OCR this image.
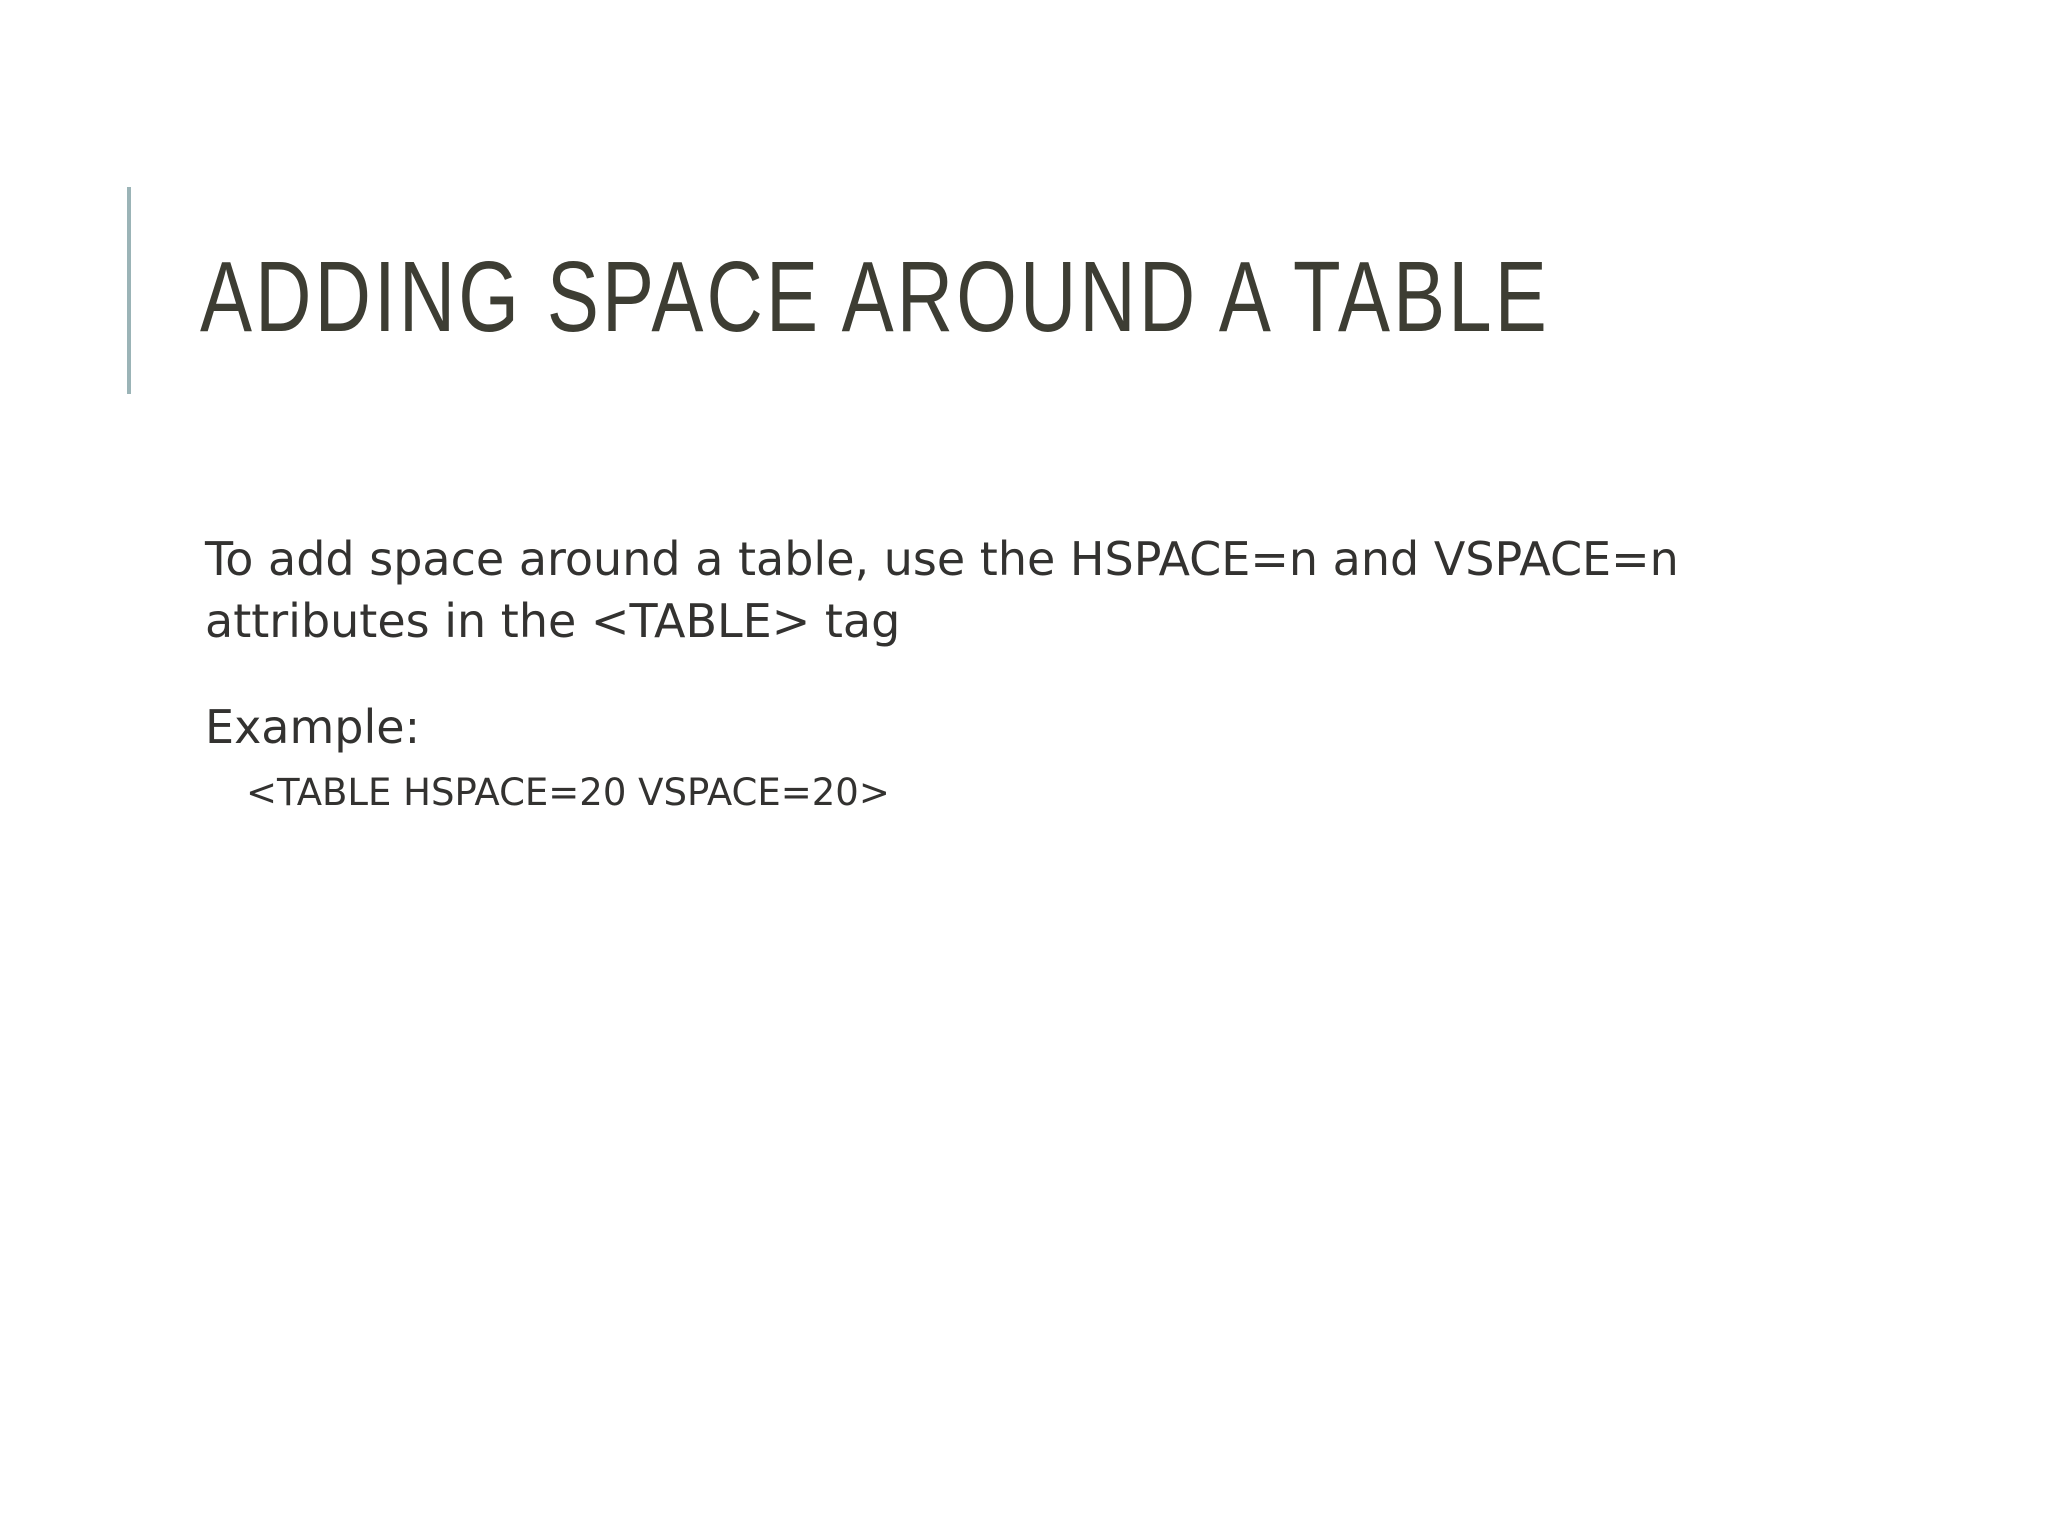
ADDING SPACE AROUND A TABLE

To add space around a table, use the HSPACE=n and VSPACE=n attributes in the <TABLE> tag

Example:

<TABLE HSPACE=20 VSPACE=20>
